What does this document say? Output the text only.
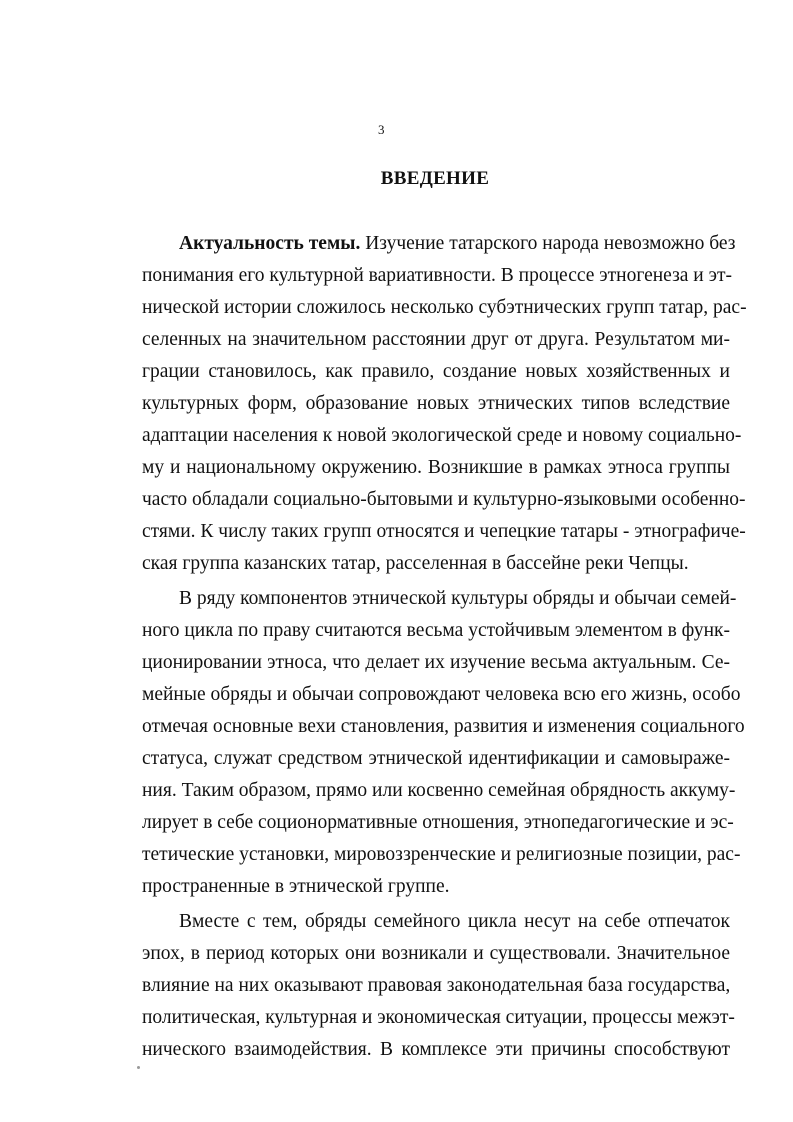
3
ВВЕДЕНИЕ
Актуальность темы. Изучение татарского народа невозможно без
понимания его культурной вариативности. В процессе этногенеза и эт-
нической истории сложилось несколько субэтнических групп татар, рас-
селенных на значительном расстоянии друг от друга. Результатом ми-
грации становилось, как правило, создание новых хозяйственных и
культурных форм, образование новых этнических типов вследствие
адаптации населения к новой экологической среде и новому социально-
му и национальному окружению. Возникшие в рамках этноса группы
часто обладали социально-бытовыми и культурно-языковыми особенно-
стями. К числу таких групп относятся и чепецкие татары - этнографиче-
ская группа казанских татар, расселенная в бассейне реки Чепцы.
В ряду компонентов этнической культуры обряды и обычаи семей-
ного цикла по праву считаются весьма устойчивым элементом в функ-
ционировании этноса, что делает их изучение весьма актуальным. Се-
мейные обряды и обычаи сопровождают человека всю его жизнь, особо
отмечая основные вехи становления, развития и изменения социального
статуса, служат средством этнической идентификации и самовыраже-
ния. Таким образом, прямо или косвенно семейная обрядность аккуму-
лирует в себе соционормативные отношения, этнопедагогические и эс-
тетические установки, мировоззренческие и религиозные позиции, рас-
пространенные в этнической группе.
Вместе с тем, обряды семейного цикла несут на себе отпечаток
эпох, в период которых они возникали и существовали. Значительное
влияние на них оказывают правовая законодательная база государства,
политическая, культурная и экономическая ситуации, процессы межэт-
нического взаимодействия. В комплексе эти причины способствуют
